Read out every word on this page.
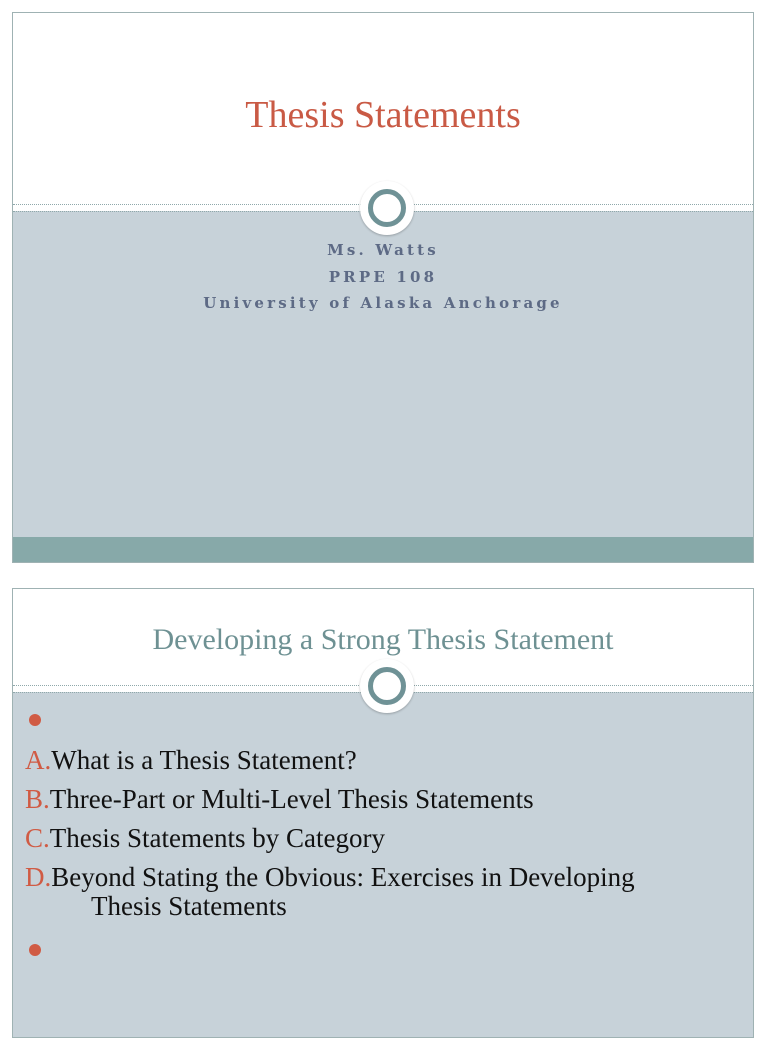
Thesis Statements
Ms. Watts
PRPE 108
University of Alaska Anchorage
Developing a Strong Thesis Statement
A.What is a Thesis Statement?
B.Three-Part or Multi-Level Thesis Statements
C.Thesis Statements by Category
D.Beyond Stating the Obvious: Exercises in Developing
Thesis Statements
